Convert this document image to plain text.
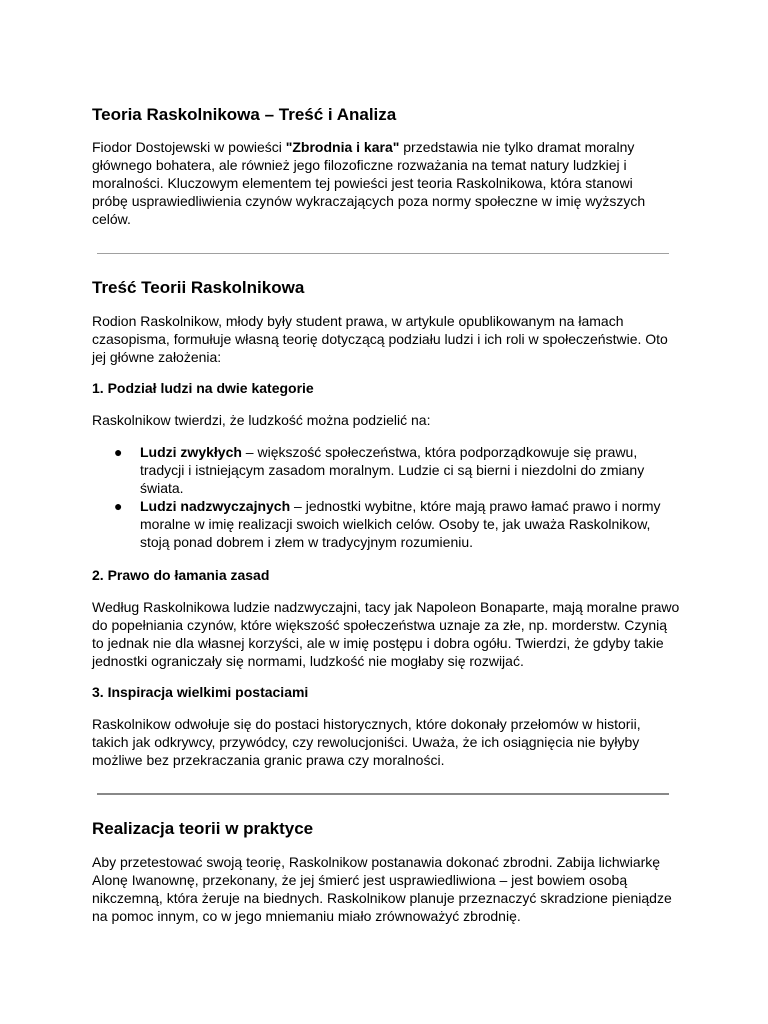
Teoria Raskolnikowa – Treść i Analiza

Fiodor Dostojewski w powieści "Zbrodnia i kara" przedstawia nie tylko dramat moralny głównego bohatera, ale również jego filozoficzne rozważania na temat natury ludzkiej i moralności. Kluczowym elementem tej powieści jest teoria Raskolnikowa, która stanowi próbę usprawiedliwienia czynów wykraczających poza normy społeczne w imię wyższych celów.

Treść Teorii Raskolnikowa

Rodion Raskolnikow, młody były student prawa, w artykule opublikowanym na łamach czasopisma, formułuje własną teorię dotyczącą podziału ludzi i ich roli w społeczeństwie. Oto jej główne założenia:

1. Podział ludzi na dwie kategorie

Raskolnikow twierdzi, że ludzkość można podzielić na:

● Ludzi zwykłych – większość społeczeństwa, która podporządkowuje się prawu, tradycji i istniejącym zasadom moralnym. Ludzie ci są bierni i niezdolni do zmiany świata.
● Ludzi nadzwyczajnych – jednostki wybitne, które mają prawo łamać prawo i normy moralne w imię realizacji swoich wielkich celów. Osoby te, jak uważa Raskolnikow, stoją ponad dobrem i złem w tradycyjnym rozumieniu.
2. Prawo do łamania zasad

Według Raskolnikowa ludzie nadzwyczajni, tacy jak Napoleon Bonaparte, mają moralne prawo do popełniania czynów, które większość społeczeństwa uznaje za złe, np. morderstw. Czynią to jednak nie dla własnej korzyści, ale w imię postępu i dobra ogółu. Twierdzi, że gdyby takie jednostki ograniczały się normami, ludzkość nie mogłaby się rozwijać.

3. Inspiracja wielkimi postaciami

Raskolnikow odwołuje się do postaci historycznych, które dokonały przełomów w historii, takich jak odkrywcy, przywódcy, czy rewolucjoniści. Uważa, że ich osiągnięcia nie byłyby możliwe bez przekraczania granic prawa czy moralności.

Realizacja teorii w praktyce

Aby przetestować swoją teorię, Raskolnikow postanawia dokonać zbrodni. Zabija lichwiarkę Alonę Iwanownę, przekonany, że jej śmierć jest usprawiedliwiona – jest bowiem osobą nikczemną, która żeruje na biednych. Raskolnikow planuje przeznaczyć skradzione pieniądze na pomoc innym, co w jego mniemaniu miało zrównoważyć zbrodnię.
